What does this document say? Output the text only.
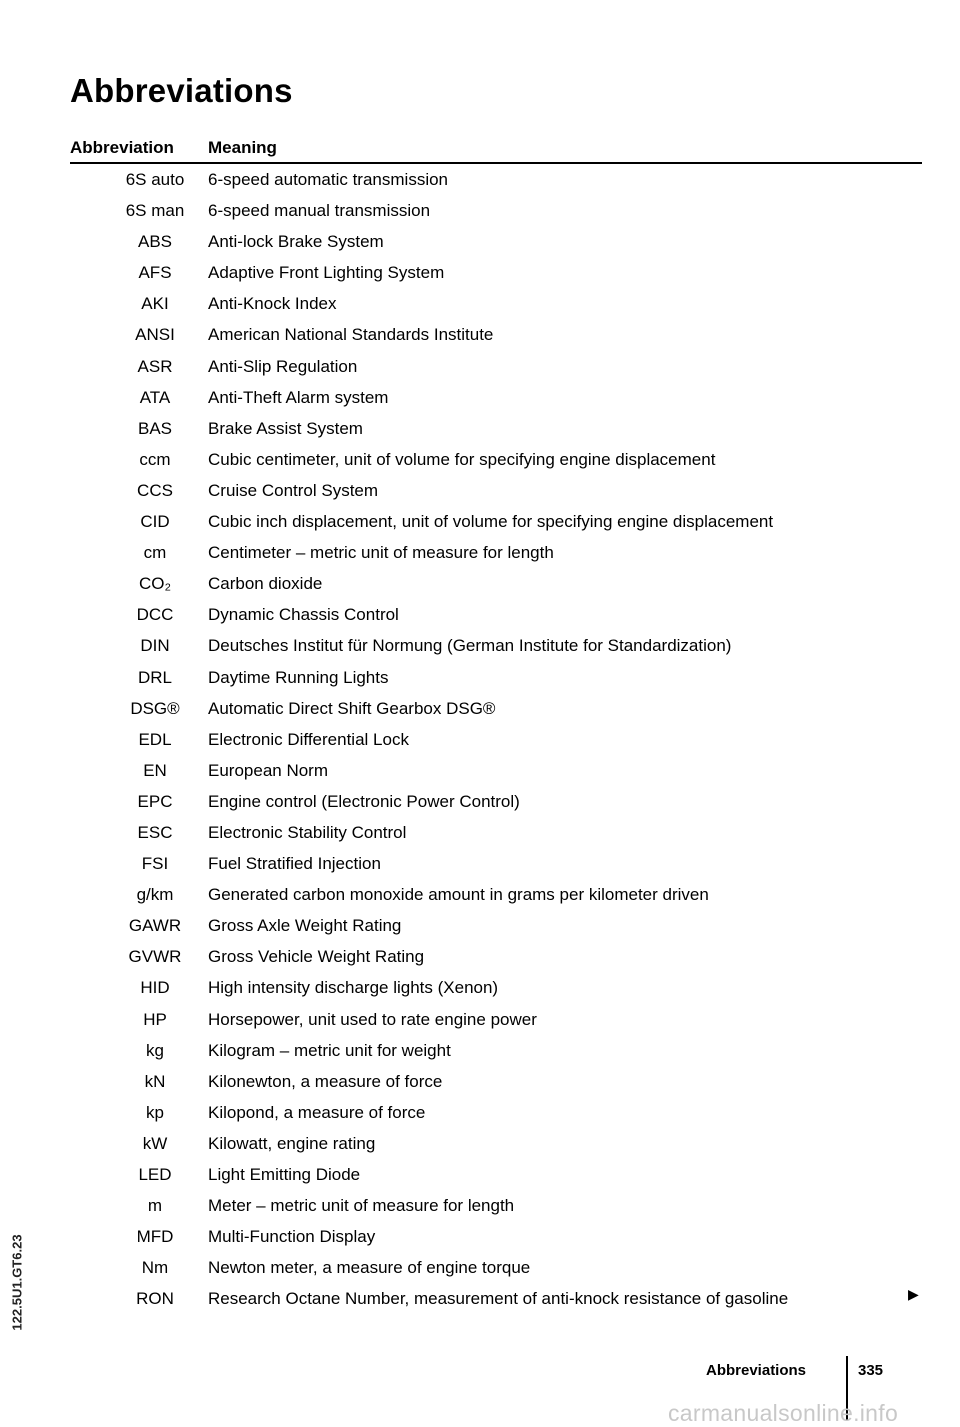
Abbreviations
Abbreviation Meaning
6S auto	6-speed automatic transmission
6S man	6-speed manual transmission
ABS	Anti-lock Brake System
AFS	Adaptive Front Lighting System
AKI	Anti-Knock Index
ANSI	American National Standards Institute
ASR	Anti-Slip Regulation
ATA	Anti-Theft Alarm system
BAS	Brake Assist System
ccm	Cubic centimeter, unit of volume for specifying engine displacement
CCS	Cruise Control System
CID	Cubic inch displacement, unit of volume for specifying engine displacement
cm	Centimeter – metric unit of measure for length
CO₂	Carbon dioxide
DCC	Dynamic Chassis Control
DIN	Deutsches Institut für Normung (German Institute for Standardization)
DRL	Daytime Running Lights
DSG®	Automatic Direct Shift Gearbox DSG®
EDL	Electronic Differential Lock
EN	European Norm
EPC	Engine control (Electronic Power Control)
ESC	Electronic Stability Control
FSI	Fuel Stratified Injection
g/km	Generated carbon monoxide amount in grams per kilometer driven
GAWR	Gross Axle Weight Rating
GVWR	Gross Vehicle Weight Rating
HID	High intensity discharge lights (Xenon)
HP	Horsepower, unit used to rate engine power
kg	Kilogram – metric unit for weight
kN	Kilonewton, a measure of force
kp	Kilopond, a measure of force
kW	Kilowatt, engine rating
LED	Light Emitting Diode
m	Meter – metric unit of measure for length
MFD	Multi-Function Display
Nm	Newton meter, a measure of engine torque
RON	Research Octane Number, measurement of anti-knock resistance of gasoline	▶
122.5U1.GT6.23
Abbreviations	335
carmanualsonline.info
